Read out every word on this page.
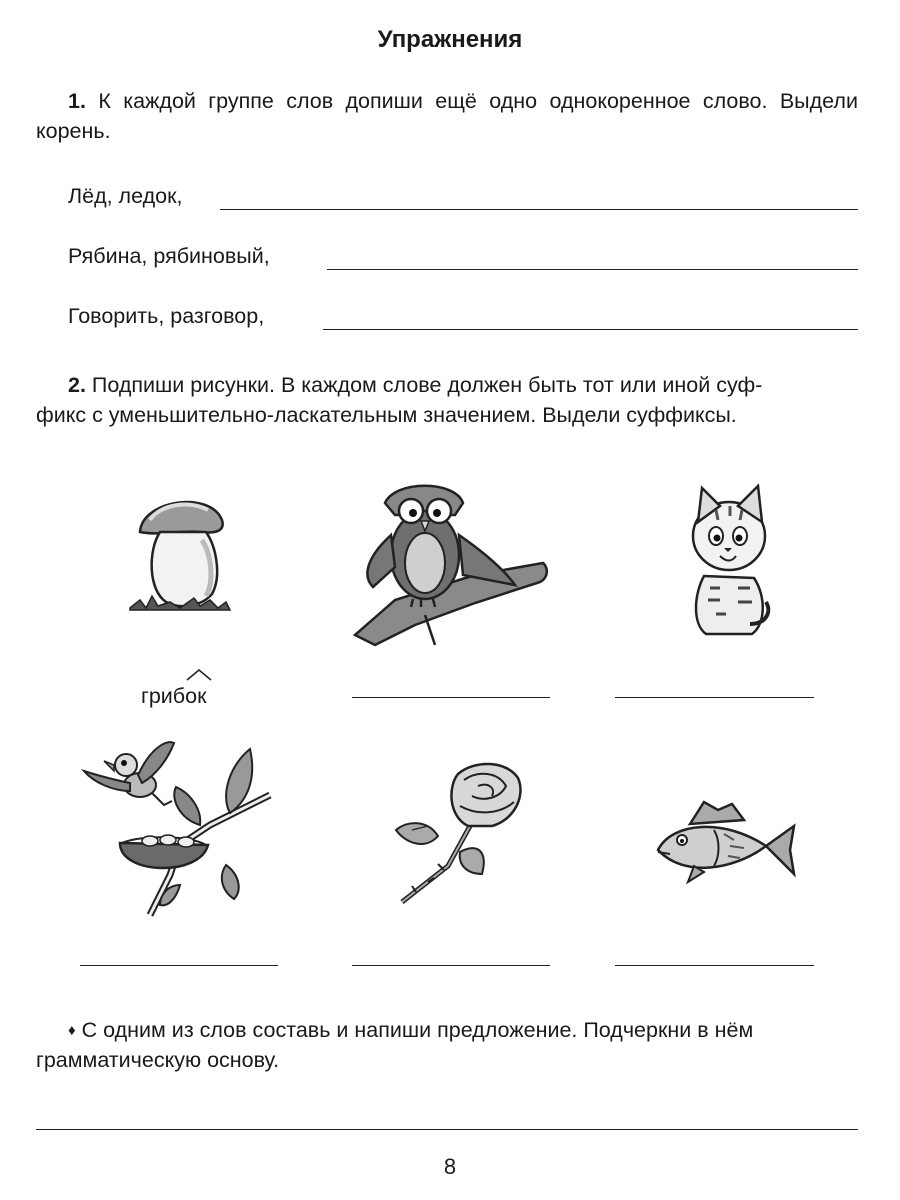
Упражнения
1. К каждой группе слов допиши ещё одно однокоренное слово. Выдели корень.
Лёд, ледок,
Рябина, рябиновый,
Говорить, разговор,
2. Подпиши рисунки. В каждом слове должен быть тот или иной суф-
фикс с уменьшительно-ласкательным значением. Выдели суффиксы.
грибок
♦ С одним из слов составь и напиши предложение. Подчеркни в нём
грамматическую основу.
8
